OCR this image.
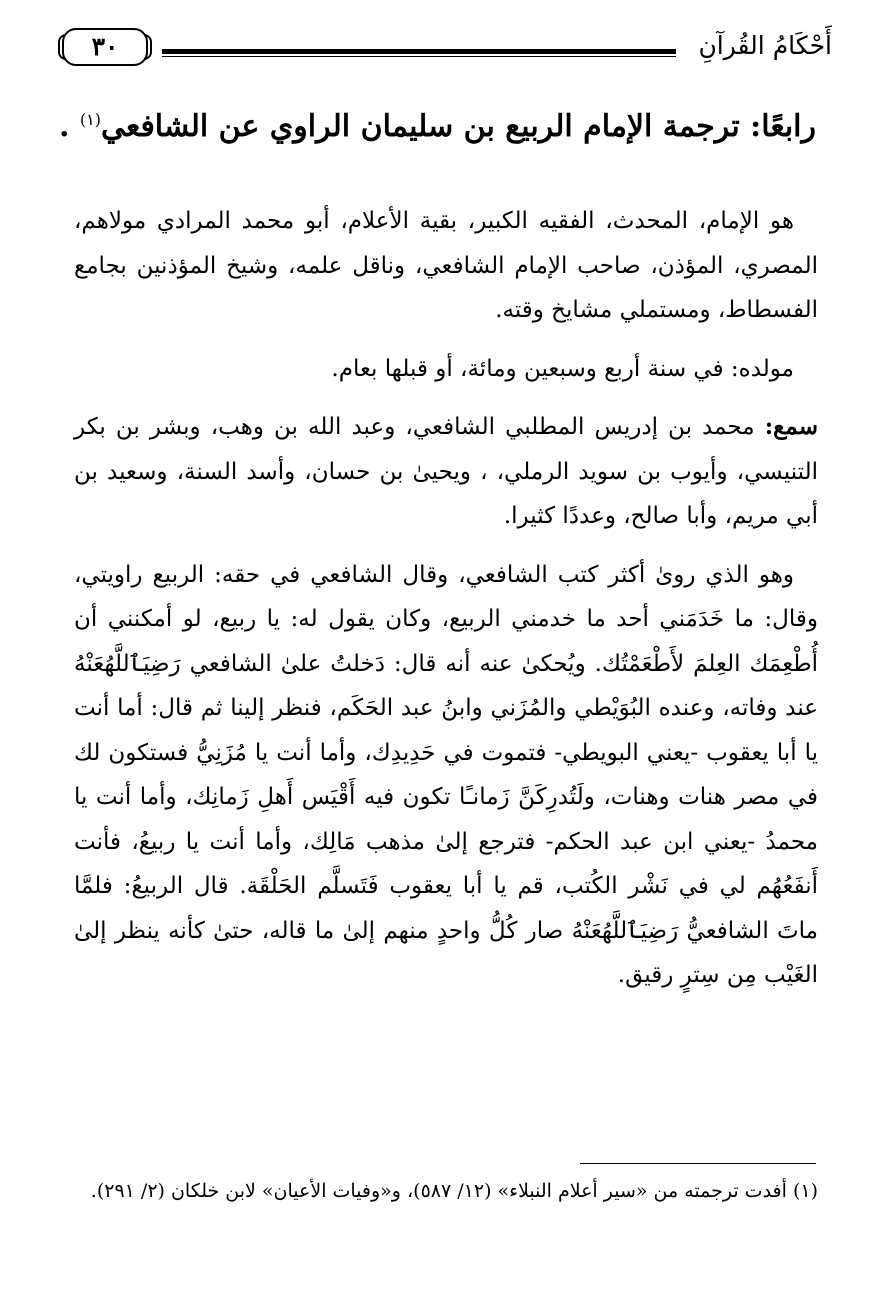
٣٠	أَحْكَامُ القُرآنِ
رابعًا: ترجمة الإمام الربيع بن سليمان الراوي عن الشافعي$^{(١)}$ .

هو الإمام، المحدث، الفقيه الكبير، بقية الأعلام، أبو محمد المرادي مولاهم، المصري، المؤذن، صاحب الإمام الشافعي، وناقل علمه، وشيخ المؤذنين بجامع الفسطاط، ومستملي مشايخ وقته.

مولده: في سنة أربع وسبعين ومائة، أو قبلها بعام.

سمع: محمد بن إدريس المطلبي الشافعي، وعبد الله بن وهب، وبشر بن بكر التنيسي، وأيوب بن سويد الرملي، ، ويحيىٰ بن حسان، وأسد السنة، وسعيد بن أبي مريم، وأبا صالح، وعددًا كثيرا.

وهو الذي روىٰ أكثر كتب الشافعي، وقال الشافعي في حقه: الربيع راويتي، وقال: ما خَدَمَني أحد ما خدمني الربيع، وكان يقول له: يا ربيع، لو أمكنني أن أُطْعِمَك العِلمَ لأَطْعَمْتُك. ويُحكىٰ عنه أنه قال: دَخلتُ علىٰ الشافعي رَضِيَٱللَّهُعَنْهُ عند وفاته، وعنده البُوَيْطي والمُزَني وابنُ عبد الحَكَم، فنظر إلينا ثم قال: أما أنت يا أبا يعقوب -يعني البويطي- فتموت في حَدِيدِك، وأما أنت يا مُزَنِيُّ فستكون لك في مصر هنات وهنات، ولَتُدرِكَنَّ زَمانـًا تكون فيه أَقْيَس أَهلِ زَمانِك، وأما أنت يا محمدُ -يعني ابن عبد الحكم- فترجع إلىٰ مذهب مَالِك، وأما أنت يا ربيعُ، فأنت أَنفَعُهُم لي في نَشْر الكُتب، قم يا أبا يعقوب فَتَسلَّم الحَلْقَة. قال الربيعُ: فلمَّا ماتَ الشافعيُّ رَضِيَٱللَّهُعَنْهُ صار كُلُّ واحدٍ منهم إلىٰ ما قاله، حتىٰ كأنه ينظر إلىٰ الغَيْب مِن سِترٍ رقيق.

(١) أفدت ترجمته من «سير أعلام النبلاء» (١٢/ ٥٨٧)، و«وفيات الأعيان» لابن خلكان (٢/ ٢٩١).
